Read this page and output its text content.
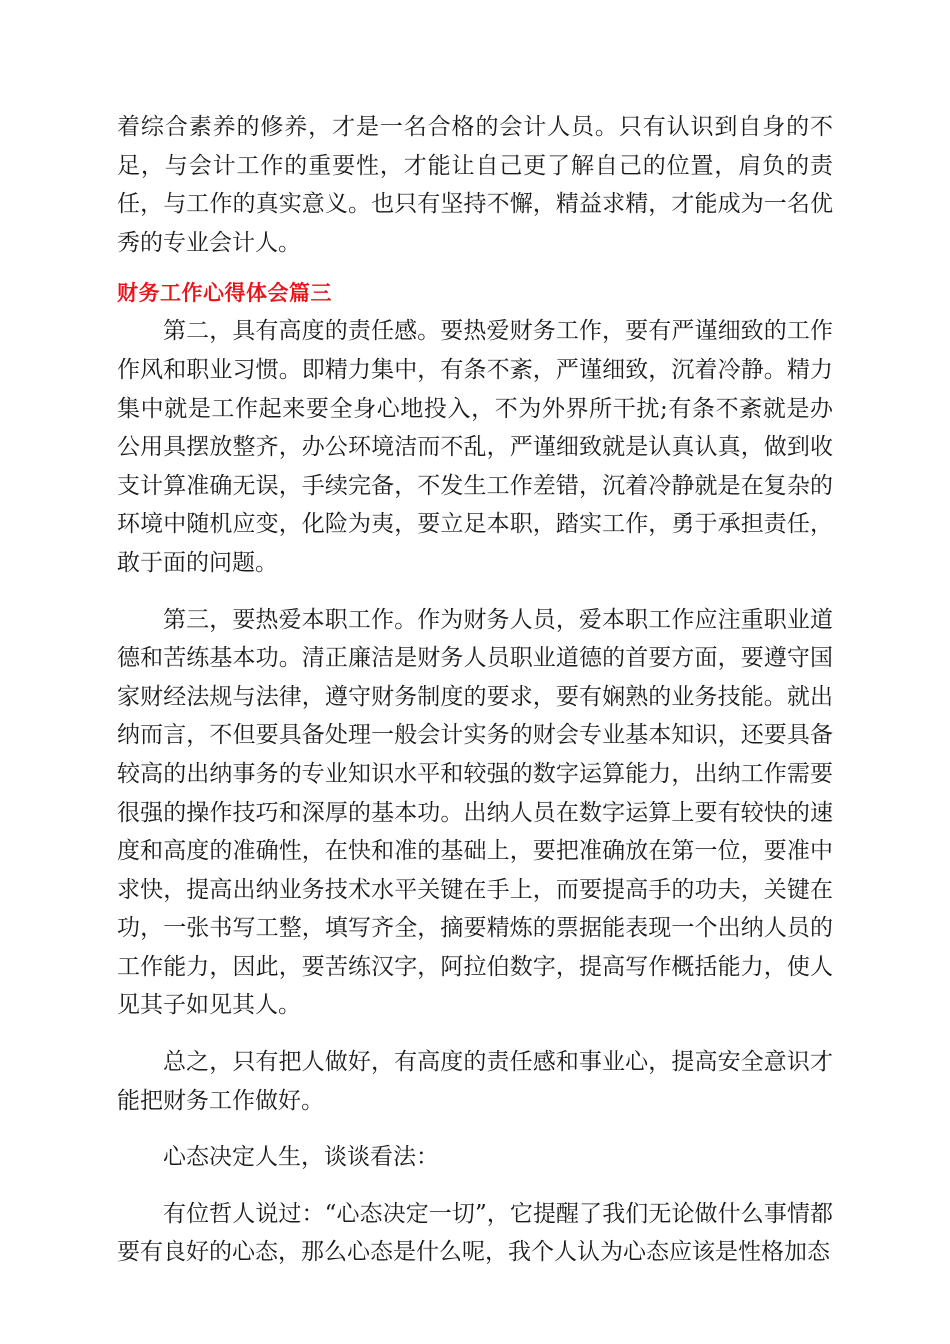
着综合素养的修养，才是一名合格的会计人员。只有认识到自身的不足，与会计工作的重要性，才能让自己更了解自己的位置，肩负的责任，与工作的真实意义。也只有坚持不懈，精益求精，才能成为一名优秀的专业会计人。

财务工作心得体会篇三

第二，具有高度的责任感。要热爱财务工作，要有严谨细致的工作作风和职业习惯。即精力集中，有条不紊，严谨细致，沉着冷静。精力集中就是工作起来要全身心地投入，不为外界所干扰;有条不紊就是办公用具摆放整齐，办公环境洁而不乱，严谨细致就是认真认真，做到收支计算准确无误，手续完备，不发生工作差错，沉着冷静就是在复杂的环境中随机应变，化险为夷，要立足本职，踏实工作，勇于承担责任，敢于面的问题。

第三，要热爱本职工作。作为财务人员，爱本职工作应注重职业道德和苦练基本功。清正廉洁是财务人员职业道德的首要方面，要遵守国家财经法规与法律，遵守财务制度的要求，要有娴熟的业务技能。就出纳而言，不但要具备处理一般会计实务的财会专业基本知识，还要具备较高的出纳事务的专业知识水平和较强的数字运算能力，出纳工作需要很强的操作技巧和深厚的基本功。出纳人员在数字运算上要有较快的速度和高度的准确性，在快和准的基础上，要把准确放在第一位，要准中求快，提高出纳业务技术水平关键在手上，而要提高手的功夫，关键在功，一张书写工整，填写齐全，摘要精炼的票据能表现一个出纳人员的工作能力，因此，要苦练汉字，阿拉伯数字，提高写作概括能力，使人见其子如见其人。

总之，只有把人做好，有高度的责任感和事业心，提高安全意识才能把财务工作做好。

心态决定人生，谈谈看法：

有位哲人说过：“心态决定一切”，它提醒了我们无论做什么事情都要有良好的心态，那么心态是什么呢，我个人认为心态应该是性格加态
